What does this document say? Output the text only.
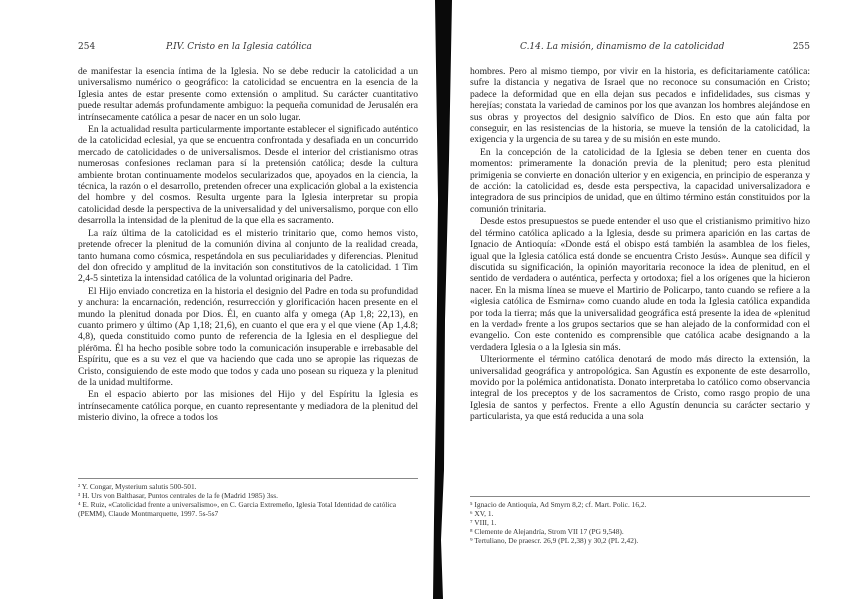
254	P.IV. Cristo en la Iglesia católica

de manifestar la esencia íntima de la Iglesia. No se debe reducir la catolicidad a un universalismo numérico o geográfico: la catolicidad se encuentra en la esencia de la Iglesia antes de estar presente como extensión o amplitud. Su carácter cuantitativo puede resultar además profundamente ambiguo: la pequeña comunidad de Jerusalén era intrínsecamente católica a pesar de nacer en un solo lugar.

En la actualidad resulta particularmente importante establecer el significado auténtico de la catolicidad eclesial, ya que se encuentra confrontada y desafiada en un concurrido mercado de catolicidades o de universalismos. Desde el interior del cristianismo otras numerosas confesiones reclaman para sí la pretensión católica; desde la cultura ambiente brotan continuamente modelos secularizados que, apoyados en la ciencia, la técnica, la razón o el desarrollo, pretenden ofrecer una explicación global a la existencia del hombre y del cosmos. Resulta urgente para la Iglesia interpretar su propia catolicidad desde la perspectiva de la universalidad y del universalismo, porque con ello desarrolla la intensidad de la plenitud de la que ella es sacramento.

La raíz última de la catolicidad es el misterio trinitario que, como hemos visto, pretende ofrecer la plenitud de la comunión divina al conjunto de la realidad creada, tanto humana como cósmica, respetándola en sus peculiaridades y diferencias. Plenitud del don ofrecido y amplitud de la invitación son constitutivos de la catolicidad. 1 Tim 2,4-5 sintetiza la intensidad católica de la voluntad originaria del Padre.

El Hijo enviado concretiza en la historia el designio del Padre en toda su profundidad y anchura: la encarnación, redención, resurrección y glorificación hacen presente en el mundo la plenitud donada por Dios. Él, en cuanto alfa y omega (Ap 1,8; 22,13), en cuanto primero y último (Ap 1,18; 21,6), en cuanto el que era y el que viene (Ap 1,4.8; 4,8), queda constituido como punto de referencia de la Iglesia en el despliegue del plérōma. Él ha hecho posible sobre todo la comunicación insuperable e irrebasable del Espíritu, que es a su vez el que va haciendo que cada uno se apropie las riquezas de Cristo, consiguiendo de este modo que todos y cada uno posean su riqueza y la plenitud de la unidad multiforme.

En el espacio abierto por las misiones del Hijo y del Espíritu la Iglesia es intrínsecamente católica porque, en cuanto representante y mediadora de la plenitud del misterio divino, la ofrece a todos los

² Y. Congar, Mysterium salutis 500-501.
³ H. Urs von Balthasar, Puntos centrales de la fe (Madrid 1985) 3ss.
⁴ E. Ruiz, «Catolicidad frente a universalismo», en C. Garcia Extremeño, Iglesia Total Identidad de católica (PEMM), Claude Montmarquette, 1997. 5s-5s7
C.14. La misión, dinamismo de la catolicidad	255

hombres. Pero al mismo tiempo, por vivir en la historia, es deficitariamente católica: sufre la distancia y negativa de Israel que no reconoce su consumación en Cristo; padece la deformidad que en ella dejan sus pecados e infidelidades, sus cismas y herejías; constata la variedad de caminos por los que avanzan los hombres alejándose en sus obras y proyectos del designio salvífico de Dios. En esto que aún falta por conseguir, en las resistencias de la historia, se mueve la tensión de la catolicidad, la exigencia y la urgencia de su tarea y de su misión en este mundo.

En la concepción de la catolicidad de la Iglesia se deben tener en cuenta dos momentos: primeramente la donación previa de la plenitud; pero esta plenitud primigenia se convierte en donación ulterior y en exigencia, en principio de esperanza y de acción: la catolicidad es, desde esta perspectiva, la capacidad universalizadora e integradora de sus principios de unidad, que en último término están constituidos por la comunión trinitaria.

Desde estos presupuestos se puede entender el uso que el cristianismo primitivo hizo del término católica aplicado a la Iglesia, desde su primera aparición en las cartas de Ignacio de Antioquía: «Donde está el obispo está también la asamblea de los fieles, igual que la Iglesia católica está donde se encuentra Cristo Jesús». Aunque sea difícil y discutida su significación, la opinión mayoritaria reconoce la idea de plenitud, en el sentido de verdadera o auténtica, perfecta y ortodoxa; fiel a los orígenes que la hicieron nacer. En la misma línea se mueve el Martirio de Policarpo, tanto cuando se refiere a la «iglesia católica de Esmirna» como cuando alude en toda la Iglesia católica expandida por toda la tierra; más que la universalidad geográfica está presente la idea de «plenitud en la verdad» frente a los grupos sectarios que se han alejado de la conformidad con el evangelio. Con este contenido es comprensible que católica acabe designando a la verdadera Iglesia o a la Iglesia sin más.

Ulteriormente el término católica denotará de modo más directo la extensión, la universalidad geográfica y antropológica. San Agustín es exponente de este desarrollo, movido por la polémica antidonatista. Donato interpretaba lo católico como observancia integral de los preceptos y de los sacramentos de Cristo, como rasgo propio de una Iglesia de santos y perfectos. Frente a ello Agustín denuncia su carácter sectario y particularista, ya que está reducida a una sola

⁵ Ignacio de Antioquía, Ad Smyrn 8,2; cf. Mart. Polic. 16,2.
⁶ XV, 1.
⁷ VIII, 1.
⁸ Clemente de Alejandría, Strom VII 17 (PG 9,548).
⁹ Tertuliano, De praescr. 26,9 (PL 2,38) y 30,2 (PL 2,42).
